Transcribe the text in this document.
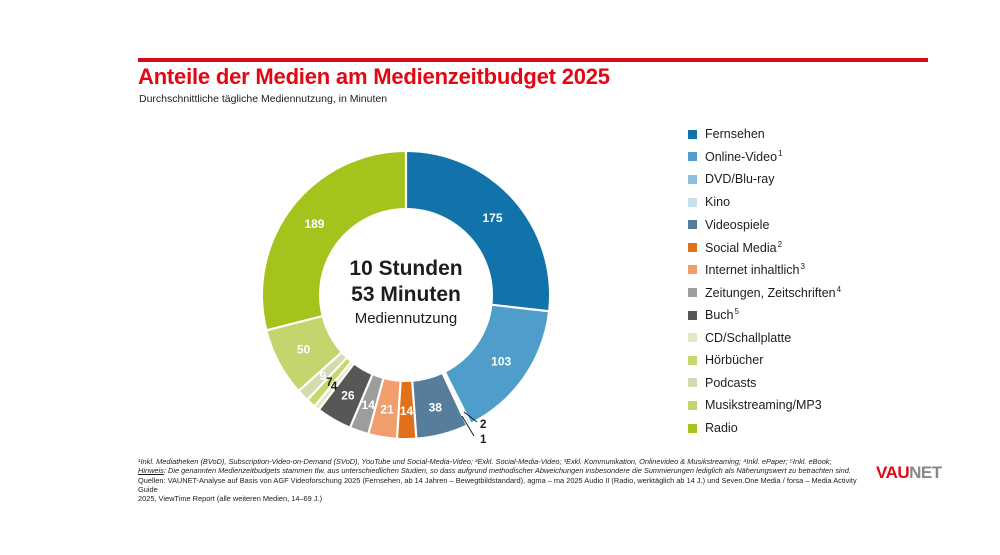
Anteile der Medien am Medienzeitbudget 2025
Durchschnittliche tägliche Mediennutzung, in Minuten
175
103
38
14
21
14
26
4
7
9
50
189
2
1
10 Stunden
53 Minuten
Mediennutzung
Fernsehen
Online-Video$^1$
DVD/Blu-ray
Kino
Videospiele
Social Media$^2$
Internet inhaltlich$^3$
Zeitungen, Zeitschriften$^4$
Buch$^5$
CD/Schallplatte
Hörbücher
Podcasts
Musikstreaming/MP3
Radio
¹Inkl. Mediatheken (BVoD), Subscription-Video-on-Demand (SVoD), YouTube und Social-Media-Video; ²Exkl. Social-Media-Video; ³Exkl. Kommunikation, Onlinevideo & Musikstreaming; ⁴Inkl. ePaper; ⁵Inkl. eBook;
Hinweis: Die genannten Medienzeitbudgets stammen tlw. aus unterschiedlichen Studien, so dass aufgrund methodischer Abweichungen insbesondere die Summierungen lediglich als Näherungswert zu betrachten sind.
Quellen: VAUNET-Analyse auf Basis von AGF Videoforschung 2025 (Fernsehen, ab 14 Jahren – Bewegtbildstandard), agma – ma 2025 Audio II (Radio, werktäglich ab 14 J.) und Seven.One Media / forsa – Media Activity Guide
2025, ViewTime Report (alle weiteren Medien, 14–69 J.)
VAUNET
